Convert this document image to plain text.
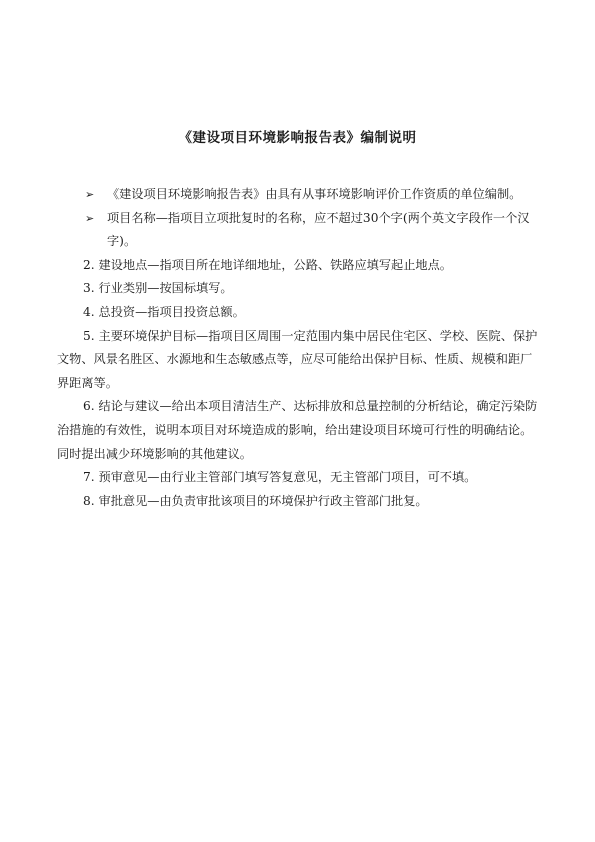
《建设项目环境影响报告表》编制说明
➢	《建设项目环境影响报告表》由具有从事环境影响评价工作资质的单位编制。
➢	项目名称—指项目立项批复时的名称，应不超过30个字(两个英文字段作一个汉字)。

2. 建设地点—指项目所在地详细地址，公路、铁路应填写起止地点。

3. 行业类别—按国标填写。

4. 总投资—指项目投资总额。

5. 主要环境保护目标—指项目区周围一定范围内集中居民住宅区、学校、医院、保护文物、风景名胜区、水源地和生态敏感点等，应尽可能给出保护目标、性质、规模和距厂界距离等。

6. 结论与建议—给出本项目清洁生产、达标排放和总量控制的分析结论，确定污染防治措施的有效性，说明本项目对环境造成的影响，给出建设项目环境可行性的明确结论。同时提出减少环境影响的其他建议。

7. 预审意见—由行业主管部门填写答复意见，无主管部门项目，可不填。

8. 审批意见—由负责审批该项目的环境保护行政主管部门批复。
